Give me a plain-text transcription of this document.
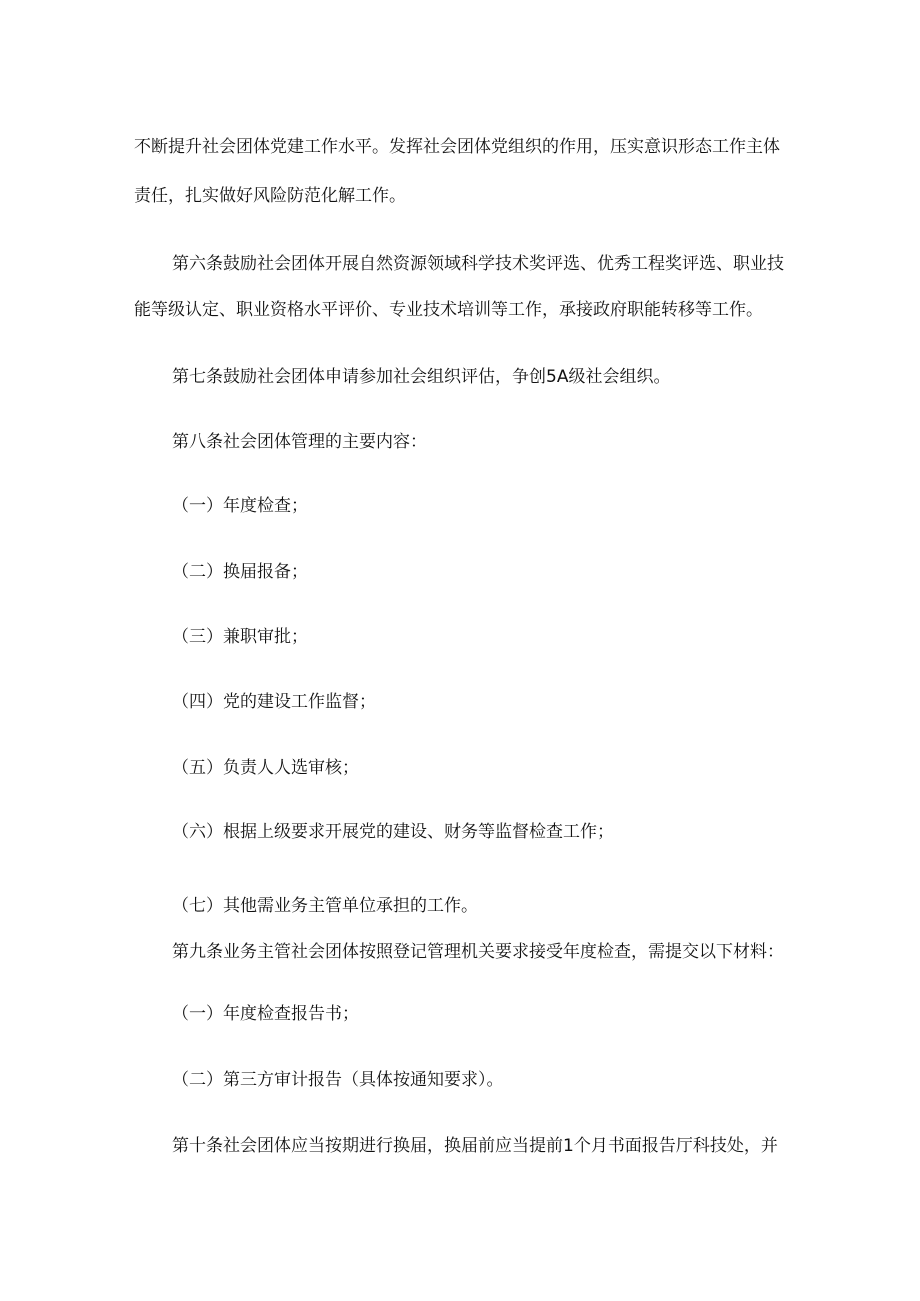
不断提升社会团体党建工作水平。发挥社会团体党组织的作用，压实意识形态工作主体
责任，扎实做好风险防范化解工作。
第六条鼓励社会团体开展自然资源领域科学技术奖评选、优秀工程奖评选、职业技
能等级认定、职业资格水平评价、专业技术培训等工作，承接政府职能转移等工作。
第七条鼓励社会团体申请参加社会组织评估，争创5A级社会组织。
第八条社会团体管理的主要内容：
（一）年度检查；
（二）换届报备；
（三）兼职审批；
（四）党的建设工作监督；
（五）负责人人选审核；
（六）根据上级要求开展党的建设、财务等监督检查工作；
（七）其他需业务主管单位承担的工作。
第九条业务主管社会团体按照登记管理机关要求接受年度检查，需提交以下材料：
（一）年度检查报告书；
（二）第三方审计报告（具体按通知要求）。
第十条社会团体应当按期进行换届，换届前应当提前1个月书面报告厅科技处，并
